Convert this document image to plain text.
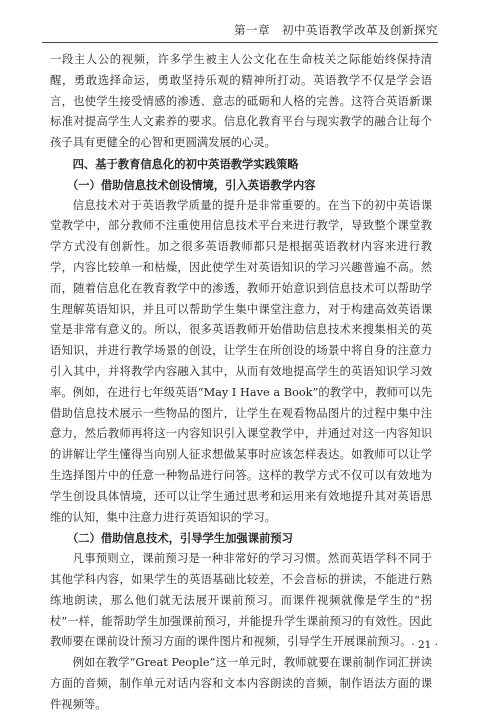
第一章　初中英语教学改革及创新探究

一段主人公的视频，许多学生被主人公文化在生命枝关之际能始终保持清醒，勇敢选择命运，勇敢坚持乐观的精神所打动。英语教学不仅是学会语言，也使学生接受情感的渗透、意志的砥砺和人格的完善。这符合英语新课标准对提高学生人文素养的要求。信息化教育平台与现实教学的融合让每个孩子具有更健全的心智和更圆满发展的心灵。

四、基于教育信息化的初中英语教学实践策略

（一）借助信息技术创设情境，引入英语教学内容

信息技术对于英语教学质量的提升是非常重要的。在当下的初中英语课堂教学中，部分教师不注重使用信息技术平台来进行教学，导致整个课堂教学方式没有创新性。加之很多英语教师都只是根据英语教材内容来进行教学，内容比较单一和枯燥，因此使学生对英语知识的学习兴趣普遍不高。然而，随着信息化在教育教学中的渗透，教师开始意识到信息技术可以帮助学生理解英语知识，并且可以帮助学生集中课堂注意力，对于构建高效英语课堂是非常有意义的。所以，很多英语教师开始借助信息技术来搜集相关的英语知识，并进行教学场景的创设，让学生在所创设的场景中将自身的注意力引入其中，并将教学内容融入其中，从而有效地提高学生的英语知识学习效率。例如，在进行七年级英语“May I Have a Book”的教学中，教师可以先借助信息技术展示一些物品的图片，让学生在观看物品图片的过程中集中注意力，然后教师再将这一内容知识引入课堂教学中，并通过对这一内容知识的讲解让学生懂得当向别人征求想做某事时应该怎样表达。如教师可以让学生选择图片中的任意一种物品进行问答。这样的教学方式不仅可以有效地为学生创设具体情境，还可以让学生通过思考和运用来有效地提升其对英语思维的认知，集中注意力进行英语知识的学习。

（二）借助信息技术，引导学生加强课前预习

凡事预则立，课前预习是一种非常好的学习习惯。然而英语学科不同于其他学科内容，如果学生的英语基础比较差，不会音标的拼读，不能进行熟练地朗读，那么他们就无法展开课前预习。而课件视频就像是学生的“拐杖”一样，能帮助学生加强课前预习，并能提升学生课前预习的有效性。因此教师要在课前设计预习方面的课件图片和视频，引导学生开展课前预习。

例如在教学“Great People”这一单元时，教师就要在课前制作词汇拼读方面的音频，制作单元对话内容和文本内容朗读的音频，制作语法方面的课件视频等。

· 21 ·
